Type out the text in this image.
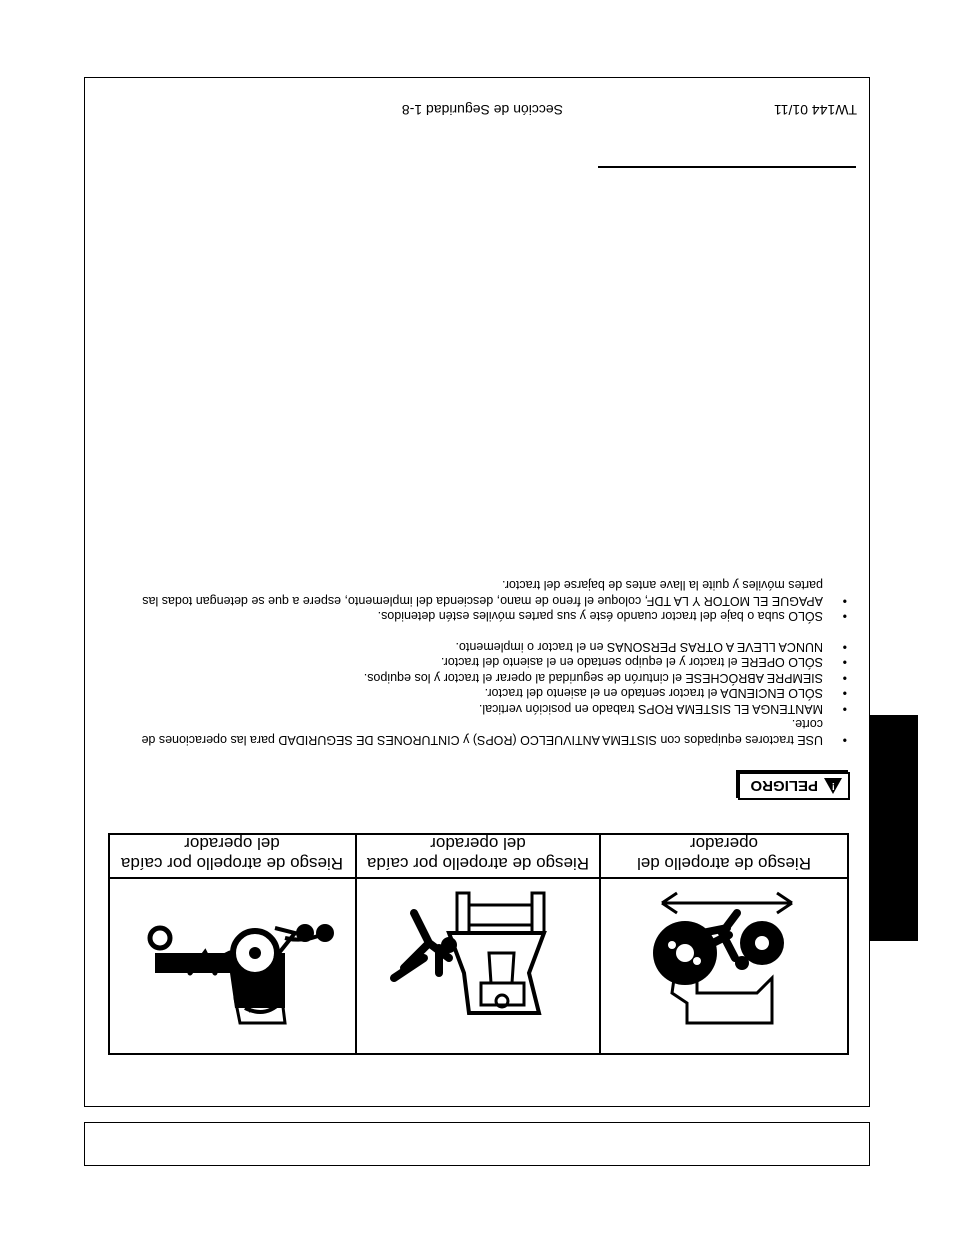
TW144 01/11
Sección de Seguridad 1-8
Riesgo de atropello del operador
Riesgo de atropello por caída del operador
Riesgo de atropello por caída del operador
!
PELIGRO
• USE tractores equipados con SISTEMA ANTIVUELCO (ROPS) y CINTURONES DE SEGURIDAD para las operaciones de corte.
• MANTENGA EL SISTEMA ROPS trabado en posición vertical.
• SÓLO ENCIENDA el tractor sentado en el asiento del tractor.
• SIEMPRE ABRÓCHESE el cinturón de seguridad al operar el tractor y los equipos.
• SÓLO OPERE el tractor y el equipo sentado en el asiento del tractor.
• NUNCA LLEVE A OTRAS PERSONAS en el tractor o implemento.
• SÓLO suba o baje del tractor cuando éste y sus partes móviles estén detenidos.
• APAGUE EL MOTOR Y LA TDF, coloque el freno de mano, descienda del implemento, espere a que se detengan todas las partes móviles y quite la llave antes de bajarse del tractor.
